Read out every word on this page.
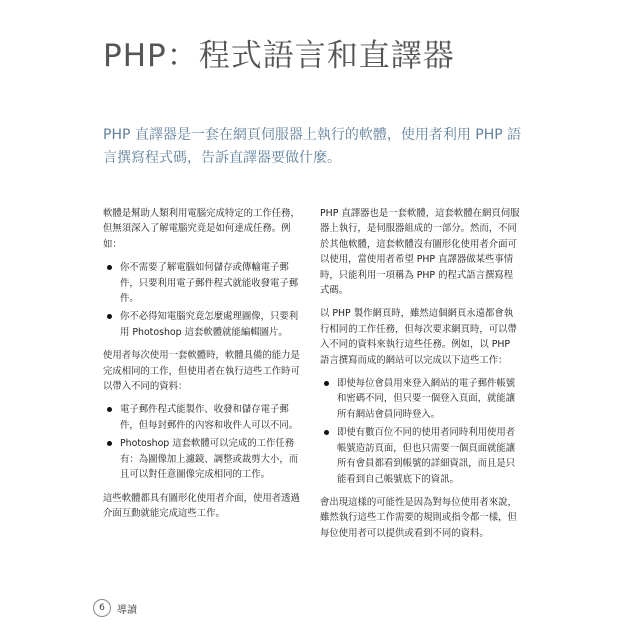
PHP：程式語言和直譯器

PHP 直譯器是一套在網頁伺服器上執行的軟體，使用者利用 PHP 語言撰寫程式碼，告訴直譯器要做什麼。

軟體是幫助人類利用電腦完成特定的工作任務，但無須深入了解電腦究竟是如何達成任務。例如：

你不需要了解電腦如何儲存或傳輸電子郵件，只要利用電子郵件程式就能收發電子郵件。
你不必得知電腦究竟怎麼處理圖像，只要利用 Photoshop 這套軟體就能編輯圖片。

使用者每次使用一套軟體時，軟體具備的能力是完成相同的工作，但使用者在執行這些工作時可以帶入不同的資料：

電子郵件程式能製作、收發和儲存電子郵件，但每封郵件的內容和收件人可以不同。
Photoshop 這套軟體可以完成的工作任務有：為圖像加上濾鏡、調整或裁剪大小，而且可以對任意圖像完成相同的工作。

這些軟體都具有圖形化使用者介面，使用者透過介面互動就能完成這些工作。

PHP 直譯器也是一套軟體，這套軟體在網頁伺服器上執行，是伺服器組成的一部分。然而，不同於其他軟體，這套軟體沒有圖形化使用者介面可以使用，當使用者希望 PHP 直譯器做某些事情時，只能利用一項稱為 PHP 的程式語言撰寫程式碼。

以 PHP 製作網頁時，雖然這個網頁永遠都會執行相同的工作任務，但每次要求網頁時，可以帶入不同的資料來執行這些任務。例如，以 PHP 語言撰寫而成的網站可以完成以下這些工作：

即使每位會員用來登入網站的電子郵件帳號和密碼不同，但只要一個登入頁面，就能讓所有網站會員同時登入。
即使有數百位不同的使用者同時利用使用者帳號造訪頁面，但也只需要一個頁面就能讓所有會員都看到帳號的詳細資訊，而且是只能看到自己帳號底下的資訊。

會出現這樣的可能性是因為對每位使用者來說，雖然執行這些工作需要的規則或指令都一樣，但每位使用者可以提供或看到不同的資料。

6	導讀
